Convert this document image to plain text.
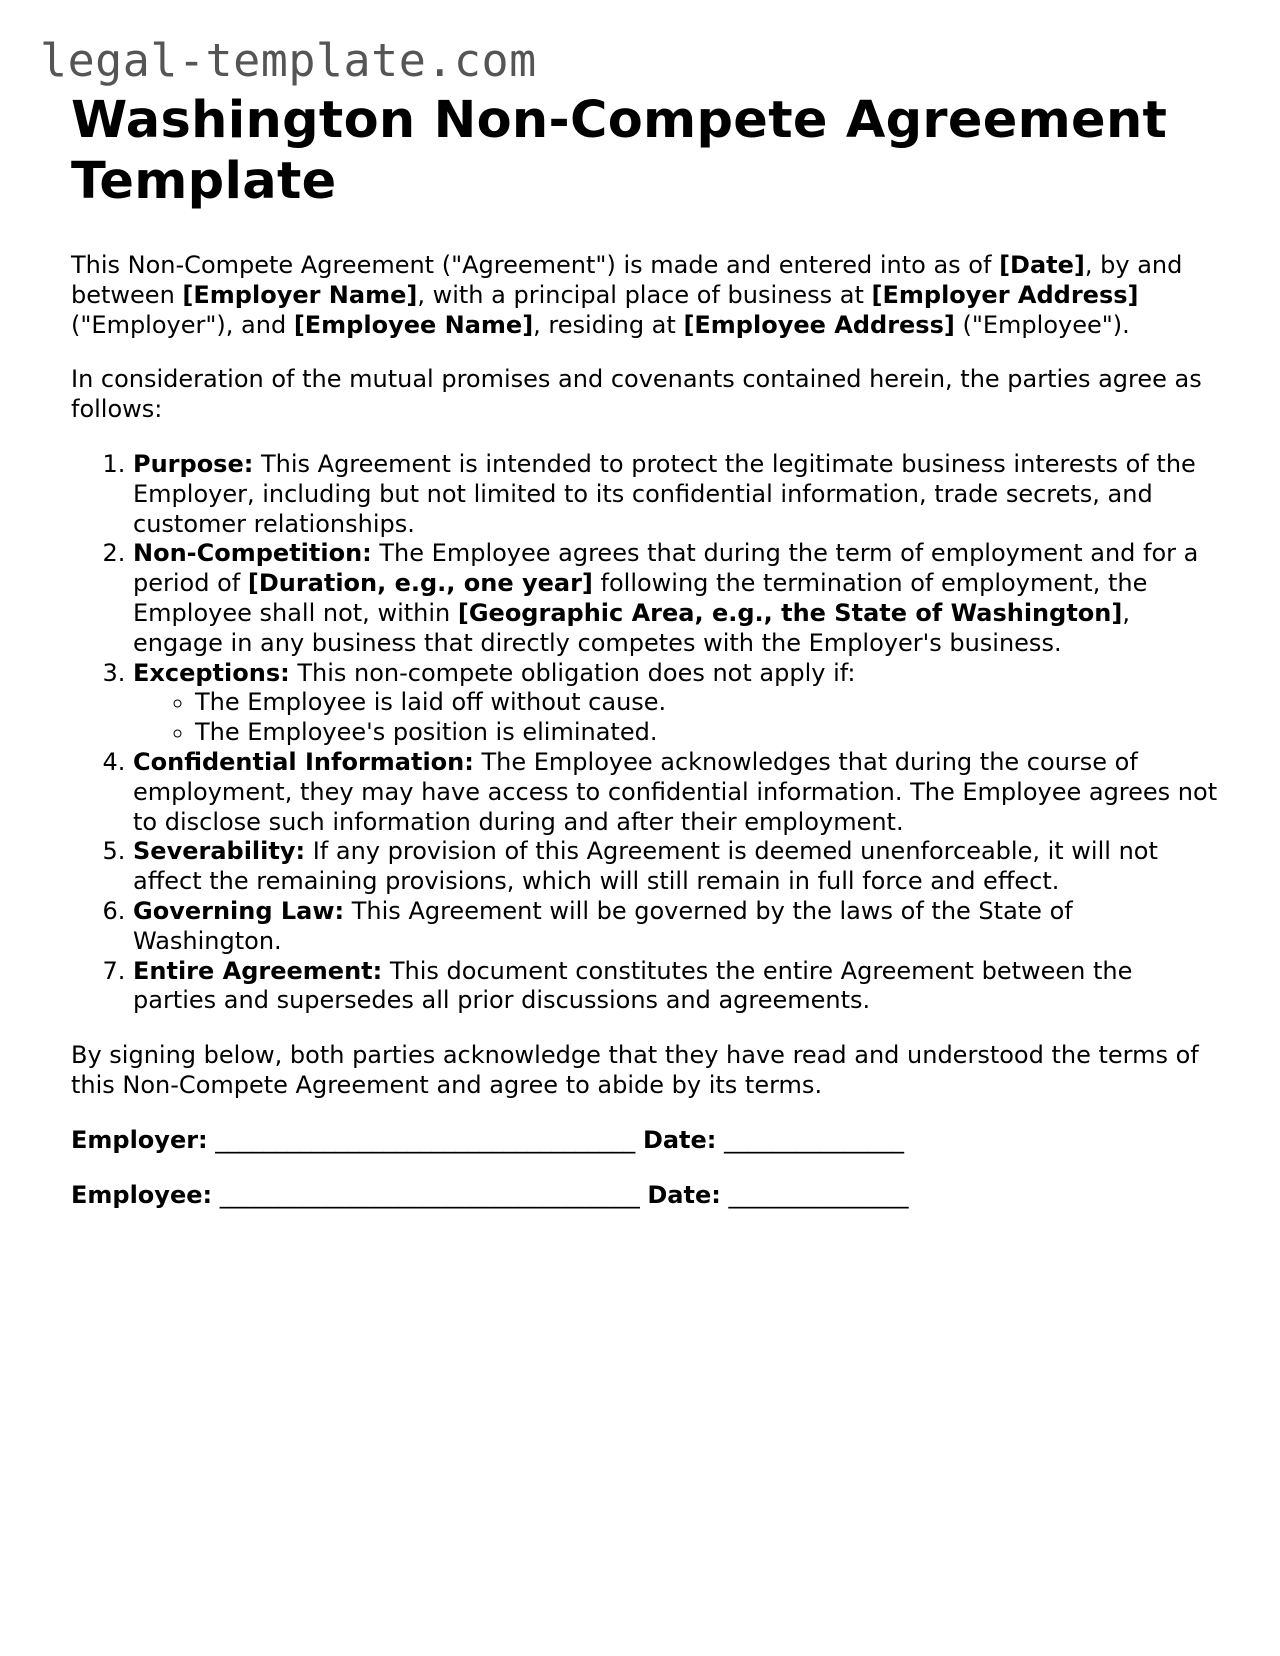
legal-template.com
Washington Non-Compete Agreement Template

This Non-Compete Agreement ("Agreement") is made and entered into as of [Date], by and between [Employer Name], with a principal place of business at [Employer Address] ("Employer"), and [Employee Name], residing at [Employee Address] ("Employee").

In consideration of the mutual promises and covenants contained herein, the parties agree as follows:

1. Purpose: This Agreement is intended to protect the legitimate business interests of the Employer, including but not limited to its confidential information, trade secrets, and customer relationships.
2. Non-Competition: The Employee agrees that during the term of employment and for a period of [Duration, e.g., one year] following the termination of employment, the Employee shall not, within [Geographic Area, e.g., the State of Washington], engage in any business that directly competes with the Employer's business.
3. Exceptions: This non-compete obligation does not apply if:
◦ The Employee is laid off without cause.
◦ The Employee's position is eliminated.
4. Confidential Information: The Employee acknowledges that during the course of employment, they may have access to confidential information. The Employee agrees not to disclose such information during and after their employment.
5. Severability: If any provision of this Agreement is deemed unenforceable, it will not affect the remaining provisions, which will still remain in full force and effect.
6. Governing Law: This Agreement will be governed by the laws of the State of Washington.
7. Entire Agreement: This document constitutes the entire Agreement between the parties and supersedes all prior discussions and agreements.

By signing below, both parties acknowledge that they have read and understood the terms of this Non-Compete Agreement and agree to abide by its terms.

Employer: ___________________________________ Date: _______________
Employee: ___________________________________ Date: _______________
